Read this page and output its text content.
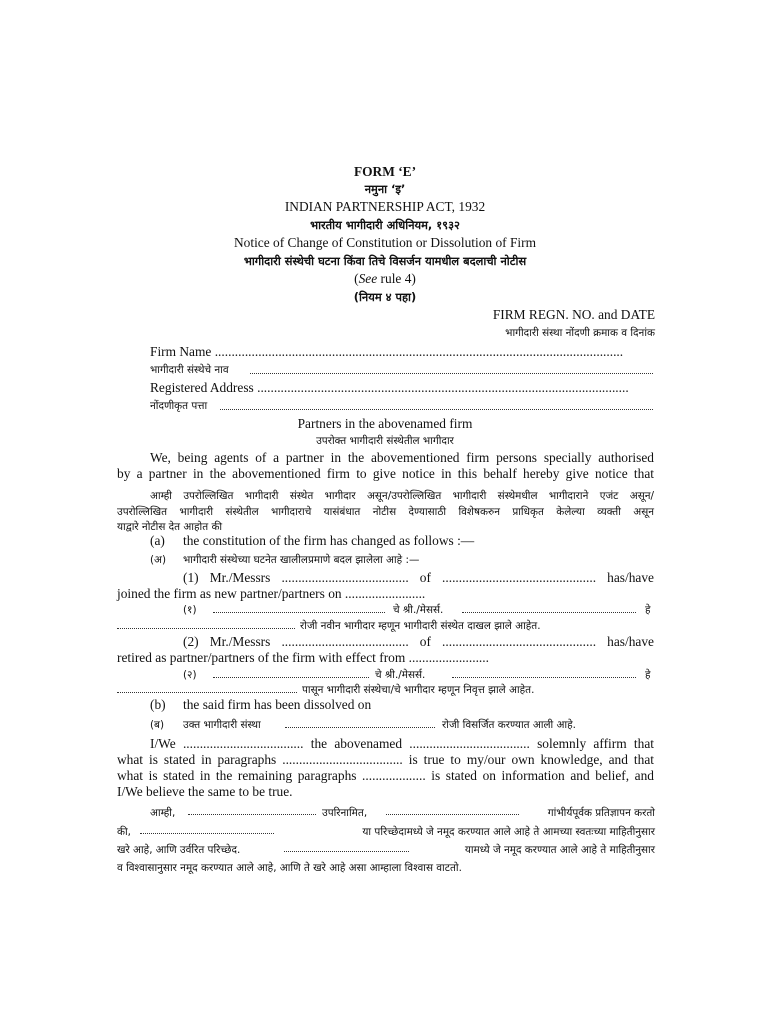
FORM ‘E’
नमुना ‘इ’
INDIAN PARTNERSHIP ACT, 1932
भारतीय भागीदारी अधिनियम, १९३२
Notice of Change of Constitution or Dissolution of Firm
भागीदारी संस्थेची घटना किंवा तिचे विसर्जन यामधील बदलाची नोटीस
(See rule 4)
(नियम ४ पहा)
FIRM REGN. NO. and DATE
भागीदारी संस्था नोंदणी क्रमाक व दिनांक
Firm Name ..........................................................................................................................
भागीदारी संस्थेचे नाव
Registered Address ...............................................................................................................
नोंदणीकृत पत्ता
Partners in the abovenamed firm
उपरोक्त भागीदारी संस्थेतील भागीदार
We, being agents of a partner in the abovementioned firm persons specially authorised
by a partner in the abovementioned firm to give notice in this behalf hereby give notice that
आम्ही उपरोल्लिखित भागीदारी संस्थेत भागीदार असून/उपरोल्लिखित भागीदारी संस्थेमधील भागीदाराने एजंट असून/
उपरोल्लिखित भागीदारी संस्थेतील भागीदाराचे यासंबंधात नोटीस देण्यासाठी विशेषकरुन प्राधिकृत केलेल्या व्यक्ती असून
याद्वारे नोटीस देत आहोत की
(a) the constitution of the firm has changed as follows :—
(अ) भागीदारी संस्थेच्या घटनेत खालीलप्रमाणे बदल झालेला आहे :—
(1) Mr./Messrs ...................................... of .............................................. has/have
joined the firm as new partner/partners on ........................
(१)	चे श्री./मेसर्स.	हे
रोजी नवीन भागीदार म्हणून भागीदारी संस्थेत दाखल झाले आहेत.
(2) Mr./Messrs ...................................... of .............................................. has/have
retired as partner/partners of the firm with effect from ........................
(२)	चे श्री./मेसर्स.	हे
पासून भागीदारी संस्थेचा/चे भागीदार म्हणून निवृत्त झाले आहेत.
(b) the said firm has been dissolved on
(ब) उक्त भागीदारी संस्था	रोजी विसर्जित करण्यात आली आहे.
I/We .................................... the abovenamed .................................... solemnly affirm that
what is stated in paragraphs .................................... is true to my/our own knowledge, and that
what is stated in the remaining paragraphs ................... is stated on information and belief, and
I/We believe the same to be true.
आम्ही,	उपरिनामित,	गांभीर्यपूर्वक प्रतिज्ञापन करतो
की,	या परिच्छेदामध्ये जे नमूद करण्यात आले आहे ते आमच्या स्वतःच्या माहितीनुसार
खरे आहे, आणि उर्वरित परिच्छेद.	यामध्ये जे नमूद करण्यात आले आहे ते माहितीनुसार
व विश्वासानुसार नमूद करण्यात आले आहे, आणि ते खरे आहे असा आम्हाला विश्वास वाटतो.
